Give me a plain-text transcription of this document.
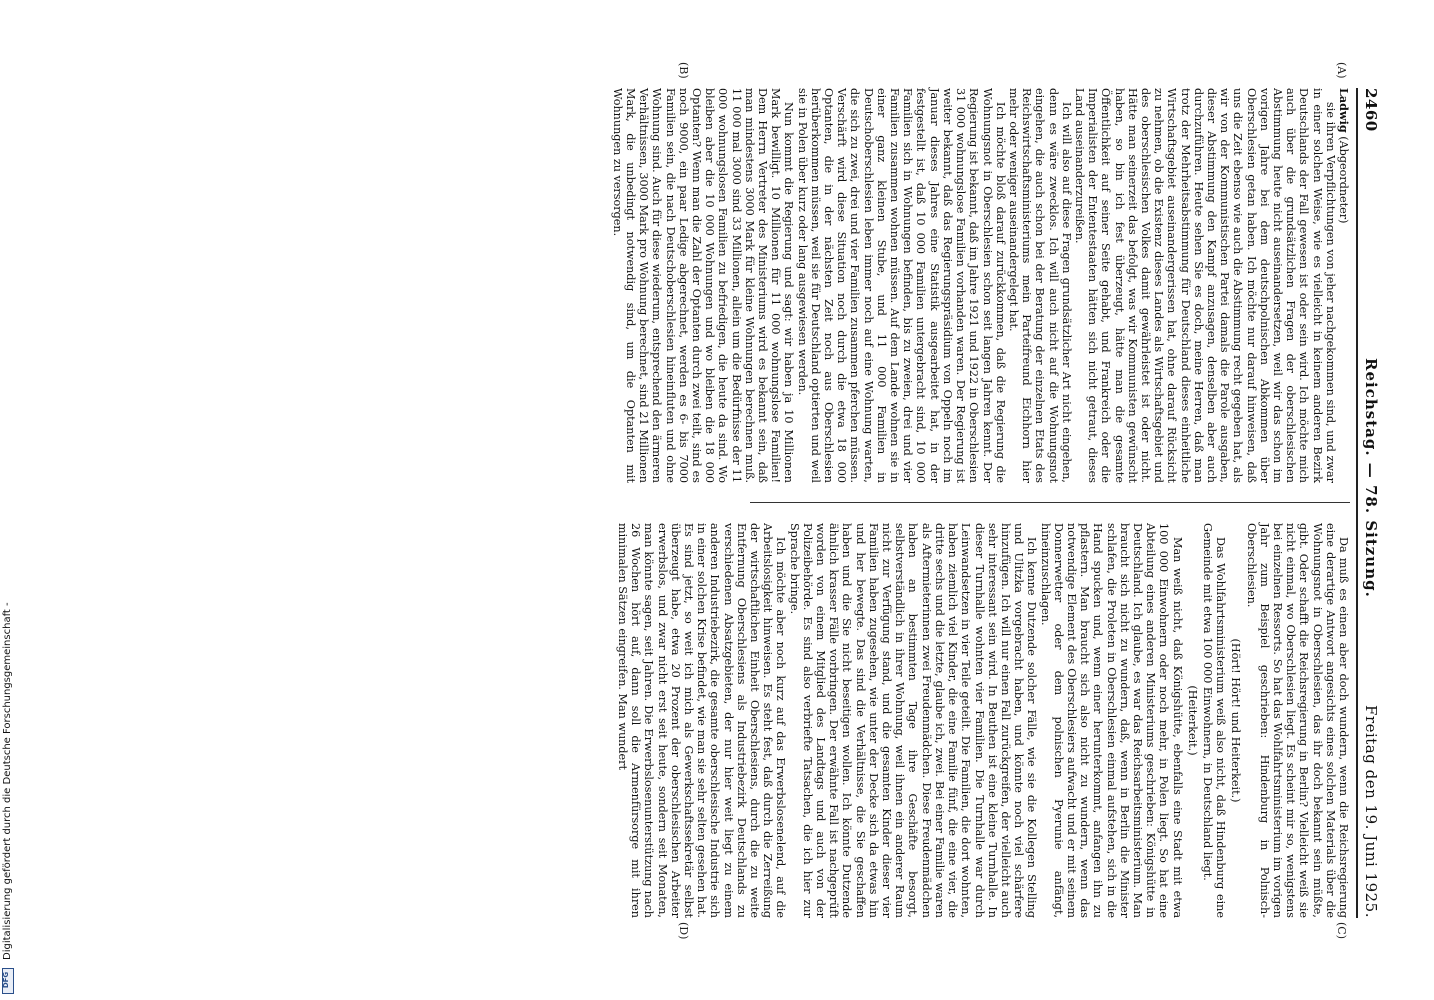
Digitalisierung gefördert durch die Deutsche Forschungsgemeinschaft -
DFG
2460
Reichstag. — 78. Sitzung.
Freitag den 19. Juni 1925.
(A)
(B)
(C)
(D)

Ladwig (Abgeordneter)

sie ihren Verpflichtungen von jeher nachgekommen sind, und zwar in einer solchen Weise, wie es vielleicht in keinem anderen Bezirk Deutschlands der Fall gewesen ist oder sein wird. Ich möchte mich auch über die grundsätzlichen Fragen der oberschlesischen Abstimmung heute nicht auseinandersetzen, weil wir das schon im vorigen Jahre bei dem deutschpolnischen Abkommen über Oberschlesien getan haben. Ich möchte nur darauf hinweisen, daß uns die Zeit ebenso wie auch die Abstimmung recht gegeben hat, als wir von der Kommunistischen Partei damals die Parole ausgaben, dieser Abstimmung den Kampf anzusagen, denselben aber auch durchzuführen. Heute sehen Sie es doch, meine Herren, daß man trotz der Mehrheitsabstimmung für Deutschland dieses einheitliche Wirtschaftsgebiet auseinandergerissen hat, ohne darauf Rücksicht zu nehmen, ob die Existenz dieses Landes als Wirtschaftsgebiet und des oberschlesischen Volkes damit gewährleistet ist oder nicht. Hätte man seinerzeit das befolgt, was wir Kommunisten gewünscht haben, so bin ich fest überzeugt, hätte man die gesamte Öffentlichkeit auf seiner Seite gehabt, und Frankreich oder die Imperialisten der Ententestaaten hätten sich nicht getraut, dieses Land auseinanderzureißen.

Ich will also auf diese Fragen grundsätzlicher Art nicht eingehen, denn es wäre zwecklos. Ich will auch nicht auf die Wohnungsnot eingehen, die auch schon bei der Beratung der einzelnen Etats des Reichswirtschaftsministeriums mein Parteifreund Eichhorn hier mehr oder weniger auseinandergelegt hat.

Ich möchte bloß darauf zurückkommen, daß die Regierung die Wohnungsnot in Oberschlesien schon seit langen Jahren kennt. Der Regierung ist bekannt, daß im Jahre 1921 und 1922 in Oberschlesien 31 000 wohnungslose Familien vorhanden waren. Der Regierung ist weiter bekannt, daß das Regierungspräsidium von Oppeln noch im Januar dieses Jahres eine Statistik ausgearbeitet hat, in der festgestellt ist, daß 10 000 Familien untergebracht sind, 10 000 Familien sich in Wohnungen befinden, bis zu zweien, drei und vier Familien zusammen wohnen müssen. Auf dem Lande wohnen sie in einer ganz kleinen Stube, und 11 000 Familien in Deutschoberschlesien leben immer noch auf eine Wohnung warten, die sich zu zwei, drei und vier Familien zusammen pferchen müssen. Verschärft wird diese Situation noch durch die etwa 18 000 Optanten, die in der nächsten Zeit noch aus Oberschlesien herüberkommen müssen, weil sie für Deutschland optierten und weil sie in Polen über kurz oder lang ausgewiesen werden.

Nun kommt die Regierung und sagt: wir haben ja 10 Millionen Mark bewilligt. 10 Millionen für 11 000 wohnungslose Familien! Dem Herrn Vertreter des Ministeriums wird es bekannt sein, daß man mindestens 3000 Mark für kleine Wohnungen berechnen muß. 11 000 mal 3000 sind 33 Millionen, allein um die Bedürfnisse der 11 000 wohnungslosen Familien zu befriedigen, die heute da sind. Wo bleiben aber die 10 000 Wohnungen und wo bleiben die 18 000 Optanten? Wenn man die Zahl der Optanten durch zwei teilt, sind es noch 9000, ein paar Ledige abgerechnet, werden es 6- bis 7000 Familien sein, die nach Deutschoberschlesien hineinfluten und ohne Wohnung sind. Auch für diese wiederum, entsprechend den ärmeren Verhältnissen, 3000 Mark pro Wohnung berechnet, sind 21 Millionen Mark, die unbedingt notwendig sind, um die Optanten mit Wohnungen zu versorgen.

Da muß es einen aber doch wundern, wenn die Reichsregierung eine derartige Antwort angesichts eines solchen Materials über die Wohnungsnot in Oberschlesien, das ihr doch bekannt sein müßte, gibt. Oder schafft die Reichsregierung in Berlin? Vielleicht weiß sie nicht einmal, wo Oberschlesien liegt. Es scheint mir so, wenigstens bei einzelnen Ressorts. So hat das Wohlfahrtsministerium im vorigen Jahr zum Beispiel geschrieben: Hindenburg in Polnisch-Oberschlesien.

(Hört! Hört! und Heiterkeit.)

Das Wohlfahrtsministerium weiß also nicht, daß Hindenburg eine Gemeinde mit etwa 100 000 Einwohnern, in Deutschland liegt.

(Heiterkeit.)

Man weiß nicht, daß Königshütte, ebenfalls eine Stadt mit etwa 100 000 Einwohnern oder noch mehr, in Polen liegt. So hat eine Abteilung eines anderen Ministeriums geschrieben: Königshütte in Deutschland. Ich glaube, es war das Reichsarbeitsministerium. Man braucht sich nicht zu wundern, daß, wenn in Berlin die Minister schlafen, die Proleten in Oberschlesien einmal aufstehen, sich in die Hand spucken und, wenn einer herunterkommt, anfangen ihn zu pflastern. Man braucht sich also nicht zu wundern, wenn das notwendige Element des Oberschlesiers aufwacht und er mit seinem Donnerwetter oder dem polnischen Pyerunie anfängt, hineinzuschlagen.

Ich kenne Dutzende solcher Fälle, wie sie die Kollegen Stelling und Ulitzka vorgebracht haben, und könnte noch viel schärfere hinzufügen. Ich will nur einen Fall zurückgreifen, der vielleicht auch sehr interessant sein wird. In Beuthen ist eine kleine Turnhalle. In dieser Turnhalle wohnten vier Familien. Die Turnhalle war durch Leinwandsetzen in vier Teile geteilt. Die Familien, die dort wohnten, haben ziemlich viel Kinder, die eine Familie fünf, die eine vier, die dritte sechs und die letzte, glaube ich, zwei. Bei einer Familie waren als Aftermieterinnen zwei Freudenmädchen. Diese Freudenmädchen haben an bestimmten Tage ihre Geschäfte besorgt, selbstverständlich in ihrer Wohnung, weil ihnen ein anderer Raum nicht zur Verfügung stand, und die gesamten Kinder dieser vier Familien haben zugesehen, wie unter der Decke sich da etwas hin und her bewegte. Das sind die Verhältnisse, die Sie geschaffen haben und die Sie nicht beseitigen wollen. Ich könnte Dutzende ähnlich krasser Fälle vorbringen. Der erwähnte Fall ist nachgeprüft worden von einem Mitglied des Landtags und auch von der Polizeibehörde. Es sind also verbriefte Tatsachen, die ich hier zur Sprache bringe.

Ich möchte aber noch kurz auf das Erwerbslosenelend, auf die Arbeitslosigkeit hinweisen. Es steht fest, daß durch die Zerreißung der wirtschaftlichen Einheit Oberschlesiens, durch die zu weite Entfernung Oberschlesiens als Industriebezirk Deutschlands zu verschiedenen Absatzgebieten, der nur hier weit liegt zu einem anderen Industriebezirk, die gesamte oberschlesische Industrie sich in einer solchen Krise befindet, wie man sie sehr selten gesehen hat. Es sind jetzt, so weit ich mich als Gewerkschaftssekretär selbst überzeugt habe, etwa 20 Prozent der oberschlesischen Arbeiter erwerbslos, und zwar nicht erst seit heute, sondern seit Monaten, man könnte sagen, seit Jahren. Die Erwerbslosenunterstützung nach 26 Wochen hört auf, dann soll die Armenfürsorge mit ihren minimalen Sätzen eingreifen. Man wundert
